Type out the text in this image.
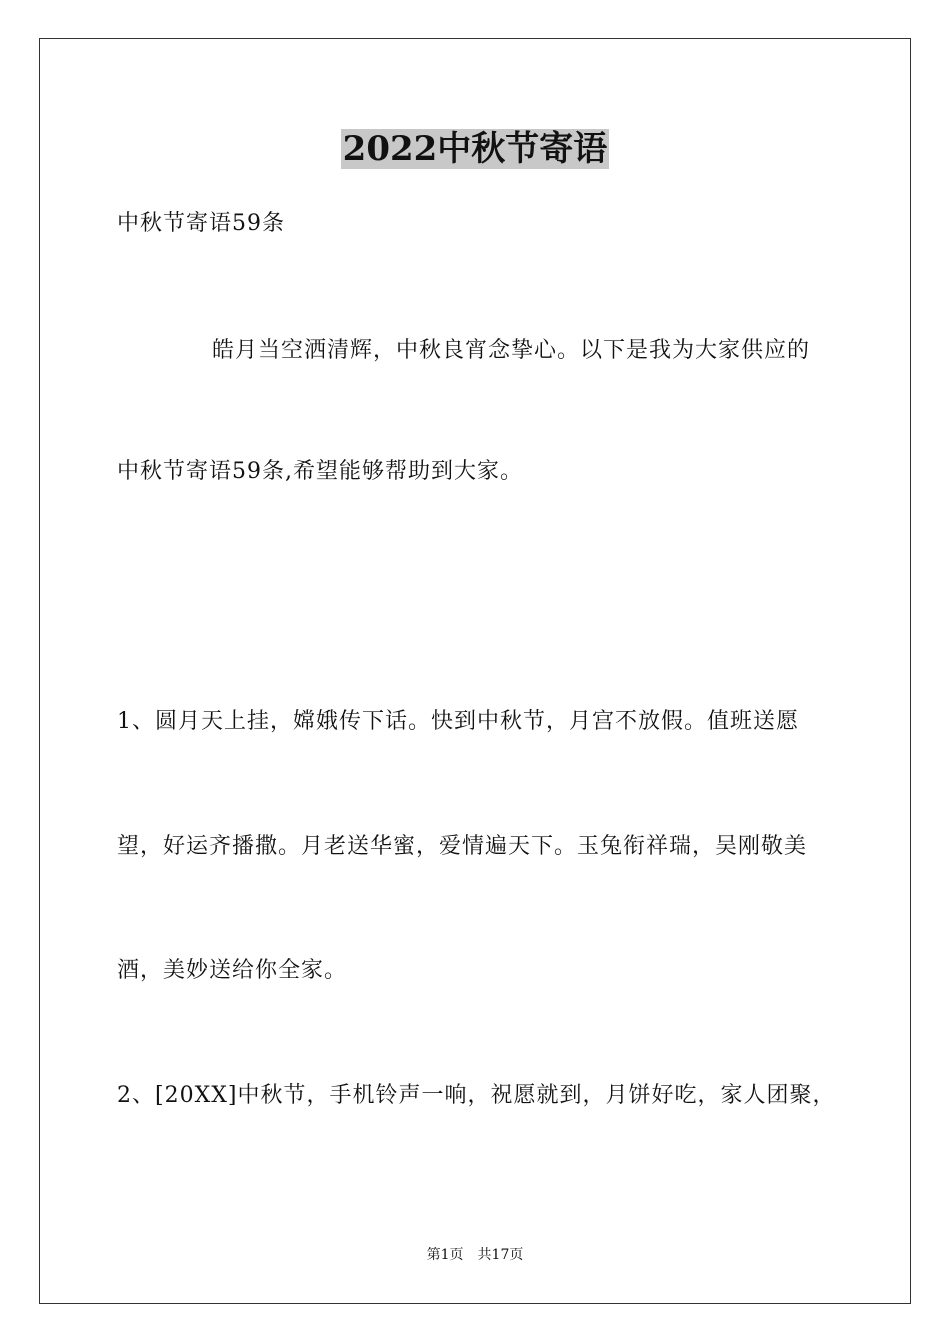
2022中秋节寄语
中秋节寄语59条
皓月当空洒清辉，中秋良宵念挚心。以下是我为大家供应的
中秋节寄语59条,希望能够帮助到大家。
1、圆月天上挂，嫦娥传下话。快到中秋节，月宫不放假。值班送愿
望，好运齐播撒。月老送华蜜，爱情遍天下。玉兔衔祥瑞，吴刚敬美
酒，美妙送给你全家。
2、[20XX]中秋节，手机铃声一响，祝愿就到，月饼好吃，家人团聚，
第1页 共17页
